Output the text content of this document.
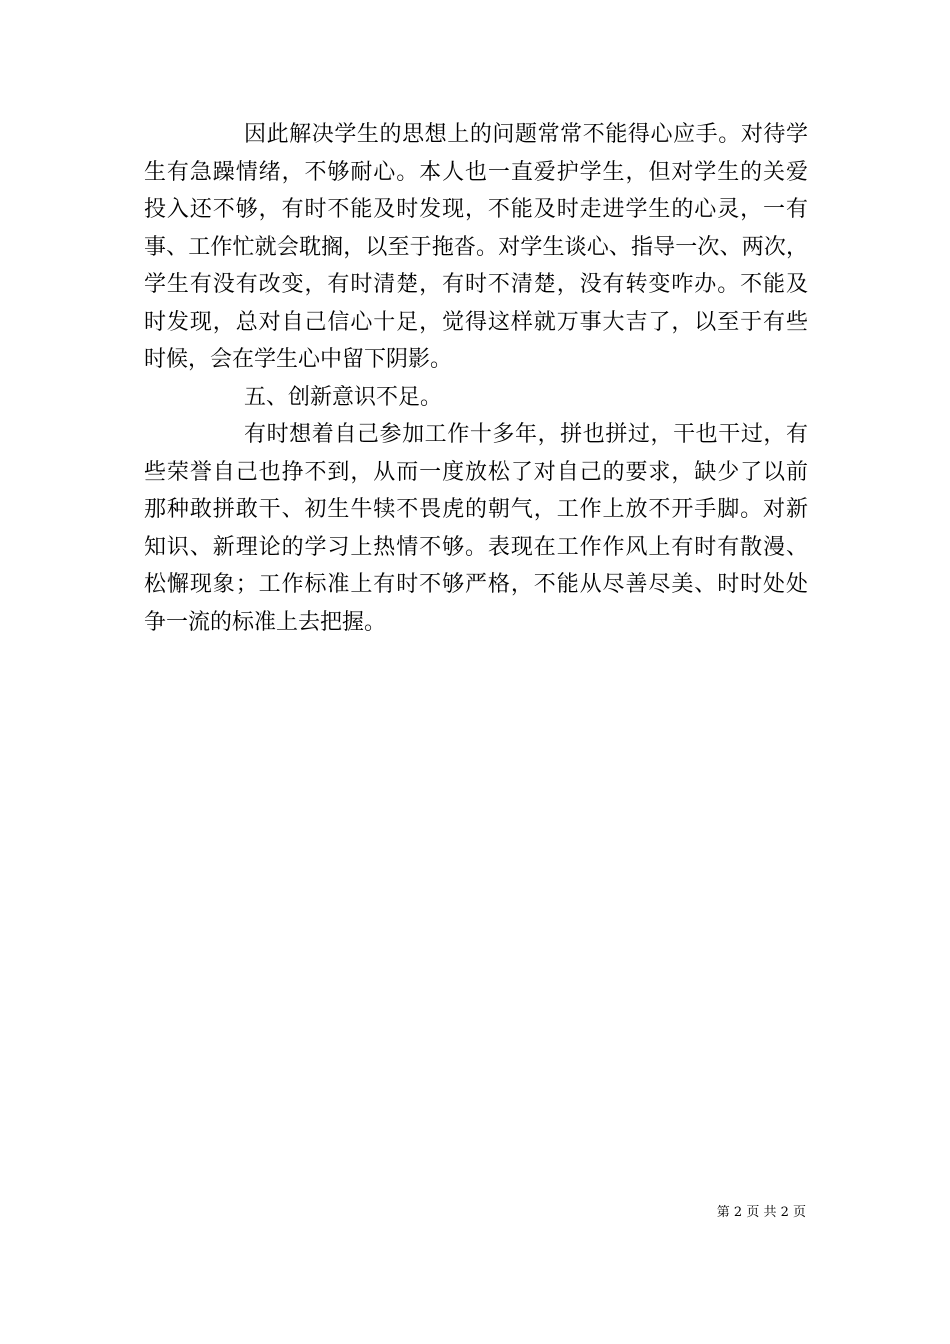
因此解决学生的思想上的问题常常不能得心应手。对待学
生有急躁情绪，不够耐心。本人也一直爱护学生，但对学生的关爱
投入还不够，有时不能及时发现，不能及时走进学生的心灵，一有
事、工作忙就会耽搁，以至于拖沓。对学生谈心、指导一次、两次，
学生有没有改变，有时清楚，有时不清楚，没有转变咋办。不能及
时发现，总对自己信心十足，觉得这样就万事大吉了，以至于有些
时候，会在学生心中留下阴影。
五、创新意识不足。
有时想着自己参加工作十多年，拼也拼过，干也干过，有
些荣誉自己也挣不到，从而一度放松了对自己的要求，缺少了以前
那种敢拼敢干、初生牛犊不畏虎的朝气，工作上放不开手脚。对新
知识、新理论的学习上热情不够。表现在工作作风上有时有散漫、
松懈现象；工作标准上有时不够严格，不能从尽善尽美、时时处处
争一流的标准上去把握。
第 2 页 共 2 页
